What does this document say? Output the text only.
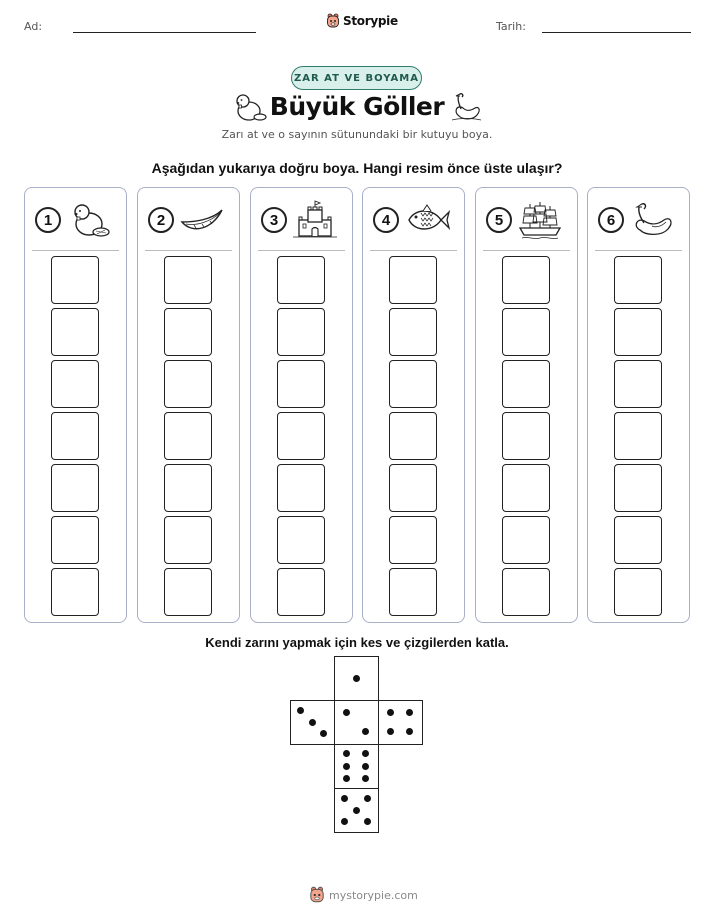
Ad:	Storypie	Tarih:
ZAR AT VE BOYAMA
Büyük Göller
Zarı at ve o sayının sütunundaki bir kutuyu boya.
Aşağıdan yukarıya doğru boya. Hangi resim önce üste ulaşır?
1	2	3	4	5	6
Kendi zarını yapmak için kes ve çizgilerden katla.
mystorypie.com
